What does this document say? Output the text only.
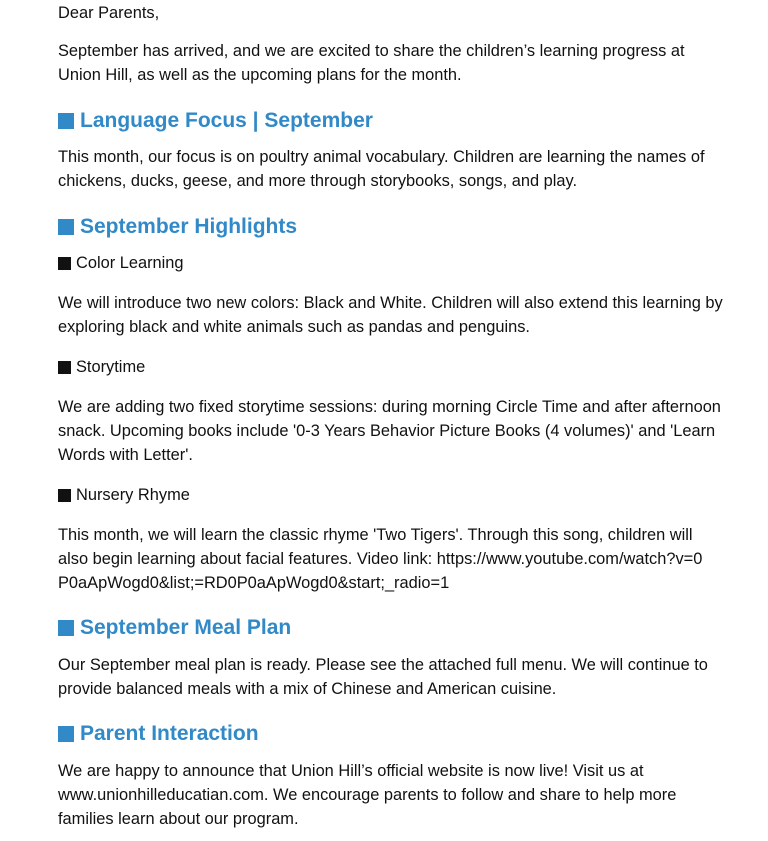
Dear Parents,

September has arrived, and we are excited to share the children’s learning progress at Union Hill, as well as the upcoming plans for the month.

Language Focus | September

This month, our focus is on poultry animal vocabulary. Children are learning the names of chickens, ducks, geese, and more through storybooks, songs, and play.

September Highlights
Color Learning

We will introduce two new colors: Black and White. Children will also extend this learning by exploring black and white animals such as pandas and penguins.

Storytime

We are adding two fixed storytime sessions: during morning Circle Time and after afternoon snack. Upcoming books include '0-3 Years Behavior Picture Books (4 volumes)' and 'Learn Words with Letter'.

Nursery Rhyme

This month, we will learn the classic rhyme 'Two Tigers'. Through this song, children will

also begin learning about facial features. Video link: https://www.youtube.com/watch?v=0

P0aApWogd0&list;=RD0P0aApWogd0&start;_radio=1

September Meal Plan

Our September meal plan is ready. Please see the attached full menu. We will continue to provide balanced meals with a mix of Chinese and American cuisine.

Parent Interaction

We are happy to announce that Union Hill’s official website is now live! Visit us at www.unionhilleducatian.com. We encourage parents to follow and share to help more families learn about our program.
